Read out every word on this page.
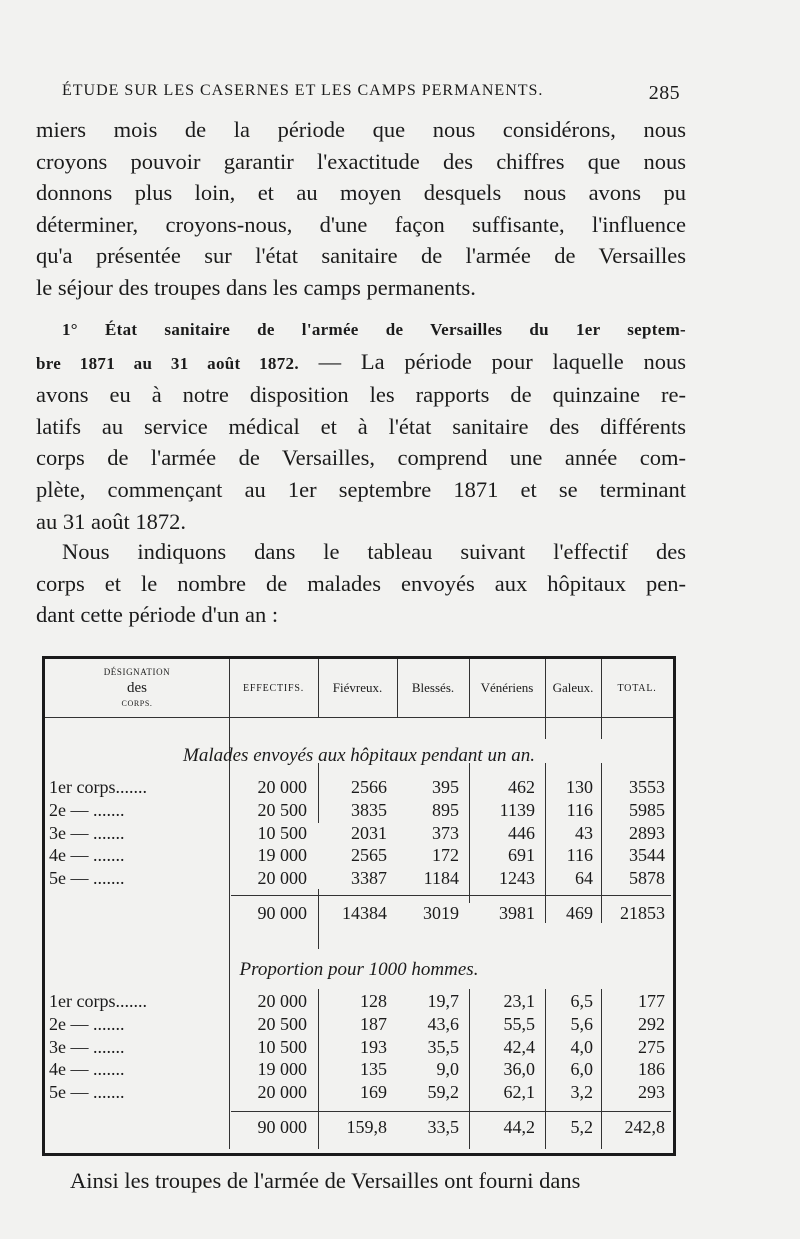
ÉTUDE SUR LES CASERNES ET LES CAMPS PERMANENTS.	285
miers mois de la période que nous considérons, nous
croyons pouvoir garantir l'exactitude des chiffres que nous
donnons plus loin, et au moyen desquels nous avons pu
déterminer, croyons-nous, d'une façon suffisante, l'influence
qu'a présentée sur l'état sanitaire de l'armée de Versailles
le séjour des troupes dans les camps permanents.
1° État sanitaire de l'armée de Versailles du 1er septem-
bre 1871 au 31 août 1872. — La période pour laquelle nous
avons eu à notre disposition les rapports de quinzaine re-
latifs au service médical et à l'état sanitaire des différents
corps de l'armée de Versailles, comprend une année com-
plète, commençant au 1er septembre 1871 et se terminant
au 31 août 1872.
Nous indiquons dans le tableau suivant l'effectif des
corps et le nombre de malades envoyés aux hôpitaux pen-
dant cette période d'un an :
DÉSIGNATION
des
CORPS.
EFFECTIFS.	Fiévreux.	Blessés.	Vénériens	Galeux.	TOTAL.
Malades envoyés aux hôpitaux pendant un an.
1er corps.......	20 000	2566	395	462	130	3553
2e — .......	20 500	3835	895	1139	116	5985
3e — .......	10 500	2031	373	446	43	2893
4e — .......	19 000	2565	172	691	116	3544
5e — .......	20 000	3387	1184	1243	64	5878
90 000	14384	3019	3981	469	21853
Proportion pour 1000 hommes.
1er corps.......	20 000	128	19,7	23,1	6,5	177
2e — .......	20 500	187	43,6	55,5	5,6	292
3e — .......	10 500	193	35,5	42,4	4,0	275
4e — .......	19 000	135	9,0	36,0	6,0	186
5e — .......	20 000	169	59,2	62,1	3,2	293
90 000	159,8	33,5	44,2	5,2	242,8
Ainsi les troupes de l'armée de Versailles ont fourni dans
